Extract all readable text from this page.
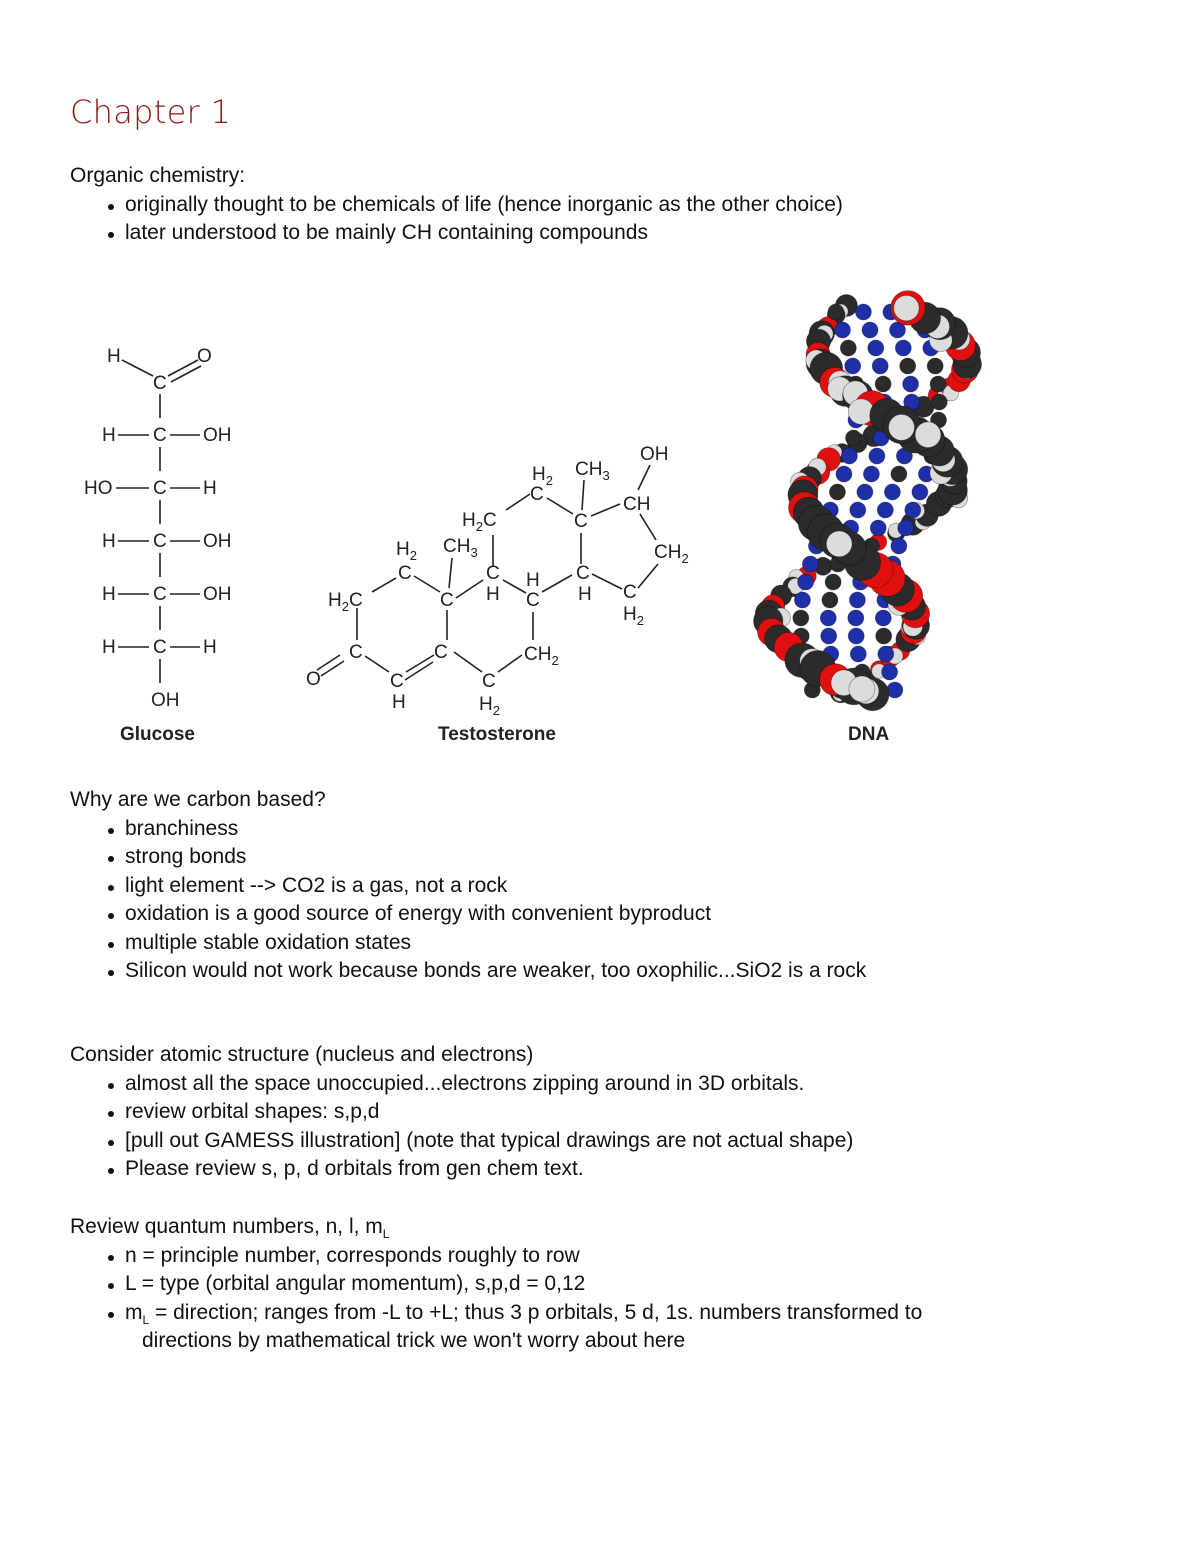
Chapter 1

Organic chemistry:

originally thought to be chemicals of life (hence inorganic as the other choice)
later understood to be mainly CH containing compounds
H
C
O
H C OH
HO C H
H C OH
H C OH
H C H
OH
$H_2C$
C
$H_2$
C
C
O	C
H
C
$CH_3$
C
H
C
$H_2$
$CH_2$
C
H
$H_2C$
C
$H_2$
C
C
H
$CH_3$
CH
OH
$CH_2$
C
$H_2$
Glucose	Testosterone	DNA

Why are we carbon based?

branchiness
strong bonds
light element --> CO2 is a gas, not a rock
oxidation is a good source of energy with convenient byproduct
multiple stable oxidation states
Silicon would not work because bonds are weaker, too oxophilic...SiO2 is a rock

Consider atomic structure (nucleus and electrons)

almost all the space unoccupied...electrons zipping around in 3D orbitals.
review orbital shapes: s,p,d
[pull out GAMESS illustration] (note that typical drawings are not actual shape)
Please review s, p, d orbitals from gen chem text.

Review quantum numbers, n, l, $m_L$

n = principle number, corresponds roughly to row
L = type (orbital angular momentum), s,p,d = 0,12
$m_L$ = direction; ranges from -L to +L; thus 3 p orbitals, 5 d, 1s. numbers transformed to
directions by mathematical trick we won't worry about here
